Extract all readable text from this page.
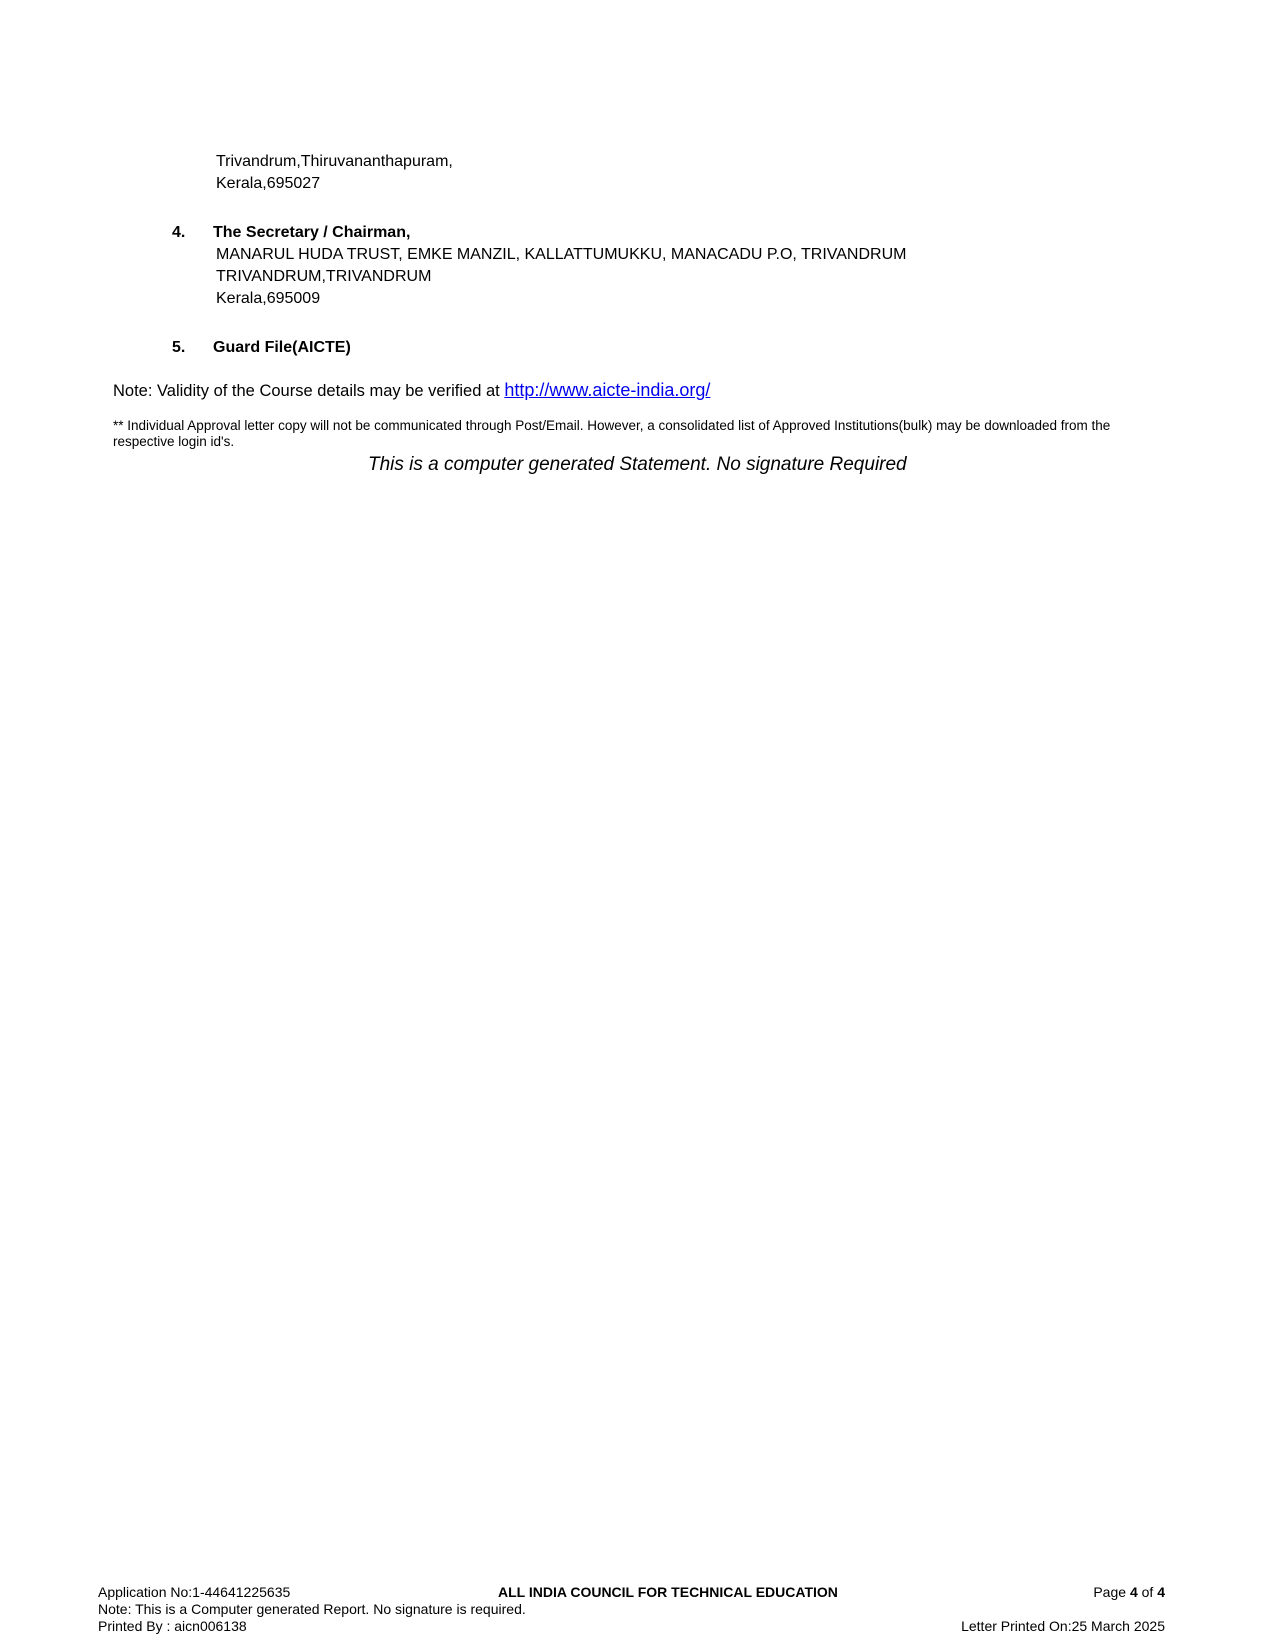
Trivandrum,Thiruvananthapuram,
Kerala,695027
4. The Secretary / Chairman,
MANARUL HUDA TRUST, EMKE MANZIL, KALLATTUMUKKU, MANACADU P.O, TRIVANDRUM
TRIVANDRUM,TRIVANDRUM
Kerala,695009
5. Guard File(AICTE)
Note: Validity of the Course details may be verified at http://www.aicte-india.org/
** Individual Approval letter copy will not be communicated through Post/Email. However, a consolidated list of Approved Institutions(bulk) may be downloaded from the respective login id's.
This is a computer generated Statement. No signature Required
Application No:1-44641225635	ALL INDIA COUNCIL FOR TECHNICAL EDUCATION	Page 4 of 4
Note: This is a Computer generated Report. No signature is required.
Printed By : aicn006138	Letter Printed On:25 March 2025
